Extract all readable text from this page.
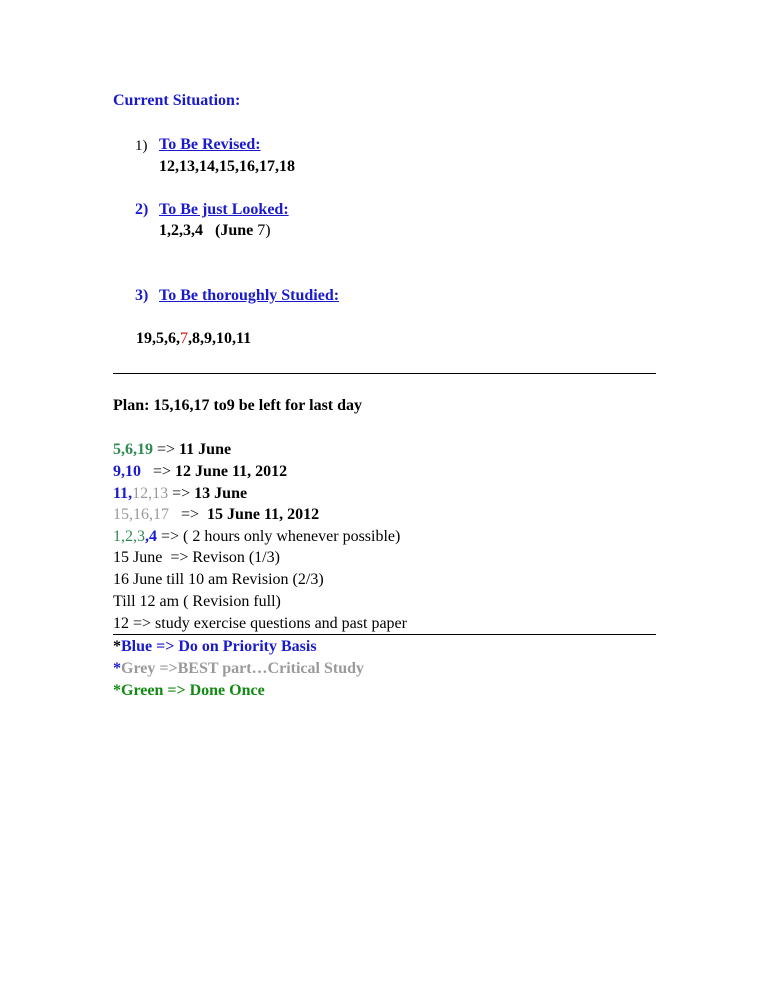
Current Situation:
1) To Be Revised:
12,13,14,15,16,17,18
2) To Be just Looked:
1,2,3,4 (June 7)
3) To Be thoroughly Studied:
19,5,6,7,8,9,10,11
Plan: 15,16,17 to9 be left for last day
5,6,19 => 11 June
9,10   => 12 June 11, 2012
11,12,13 => 13 June
15,16,17   =>  15 June 11, 2012
1,2,3,4 => ( 2 hours only whenever possible)
15 June  => Revison (1/3)
16 June till 10 am Revision (2/3)
Till 12 am ( Revision full)
12 => study exercise questions and past paper
*Blue => Do on Priority Basis
*Grey =>BEST part…Critical Study
*Green => Done Once
